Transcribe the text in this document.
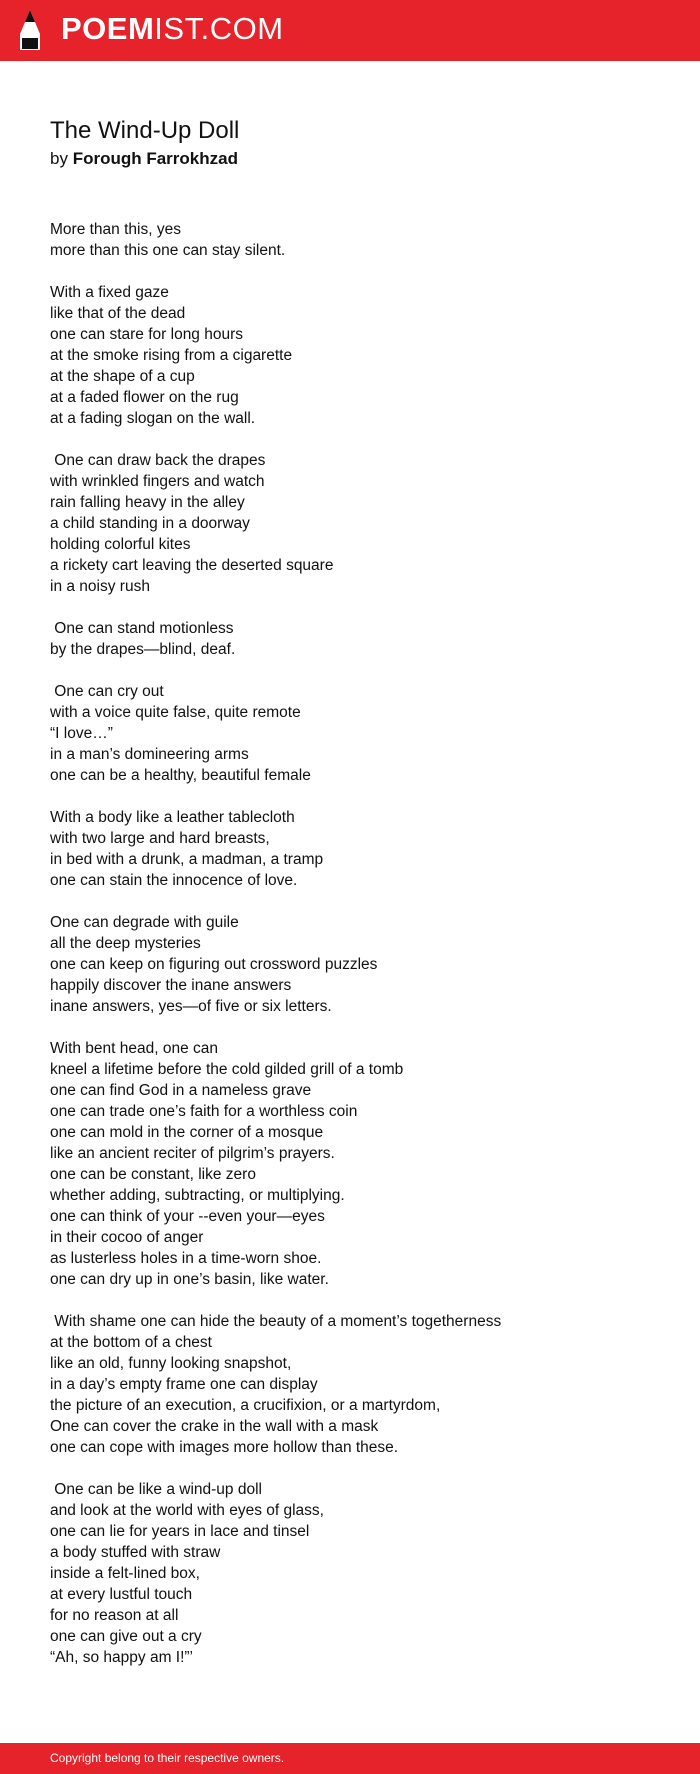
POEMIST.COM
The Wind-Up Doll
by Forough Farrokhzad
More than this, yes
more than this one can stay silent.
With a fixed gaze
like that of the dead
one can stare for long hours
at the smoke rising from a cigarette
at the shape of a cup
at a faded flower on the rug
at a fading slogan on the wall.
One can draw back the drapes
with wrinkled fingers and watch
rain falling heavy in the alley
a child standing in a doorway
holding colorful kites
a rickety cart leaving the deserted square
in a noisy rush
One can stand motionless
by the drapes—blind, deaf.
One can cry out
with a voice quite false, quite remote
“I love…”
in a man’s domineering arms
one can be a healthy, beautiful female
With a body like a leather tablecloth
with two large and hard breasts,
in bed with a drunk, a madman, a tramp
one can stain the innocence of love.
One can degrade with guile
all the deep mysteries
one can keep on figuring out crossword puzzles
happily discover the inane answers
inane answers, yes—of five or six letters.
With bent head, one can
kneel a lifetime before the cold gilded grill of a tomb
one can find God in a nameless grave
one can trade one’s faith for a worthless coin
one can mold in the corner of a mosque
like an ancient reciter of pilgrim’s prayers.
one can be constant, like zero
whether adding, subtracting, or multiplying.
one can think of your --even your—eyes
in their cocoo of anger
as lusterless holes in a time-worn shoe.
one can dry up in one’s basin, like water.
With shame one can hide the beauty of a moment’s togetherness
at the bottom of a chest
like an old, funny looking snapshot,
in a day’s empty frame one can display
the picture of an execution, a crucifixion, or a martyrdom,
One can cover the crake in the wall with a mask
one can cope with images more hollow than these.
One can be like a wind-up doll
and look at the world with eyes of glass,
one can lie for years in lace and tinsel
a body stuffed with straw
inside a felt-lined box,
at every lustful touch
for no reason at all
one can give out a cry
“Ah, so happy am I!”’
Copyright belong to their respective owners.
